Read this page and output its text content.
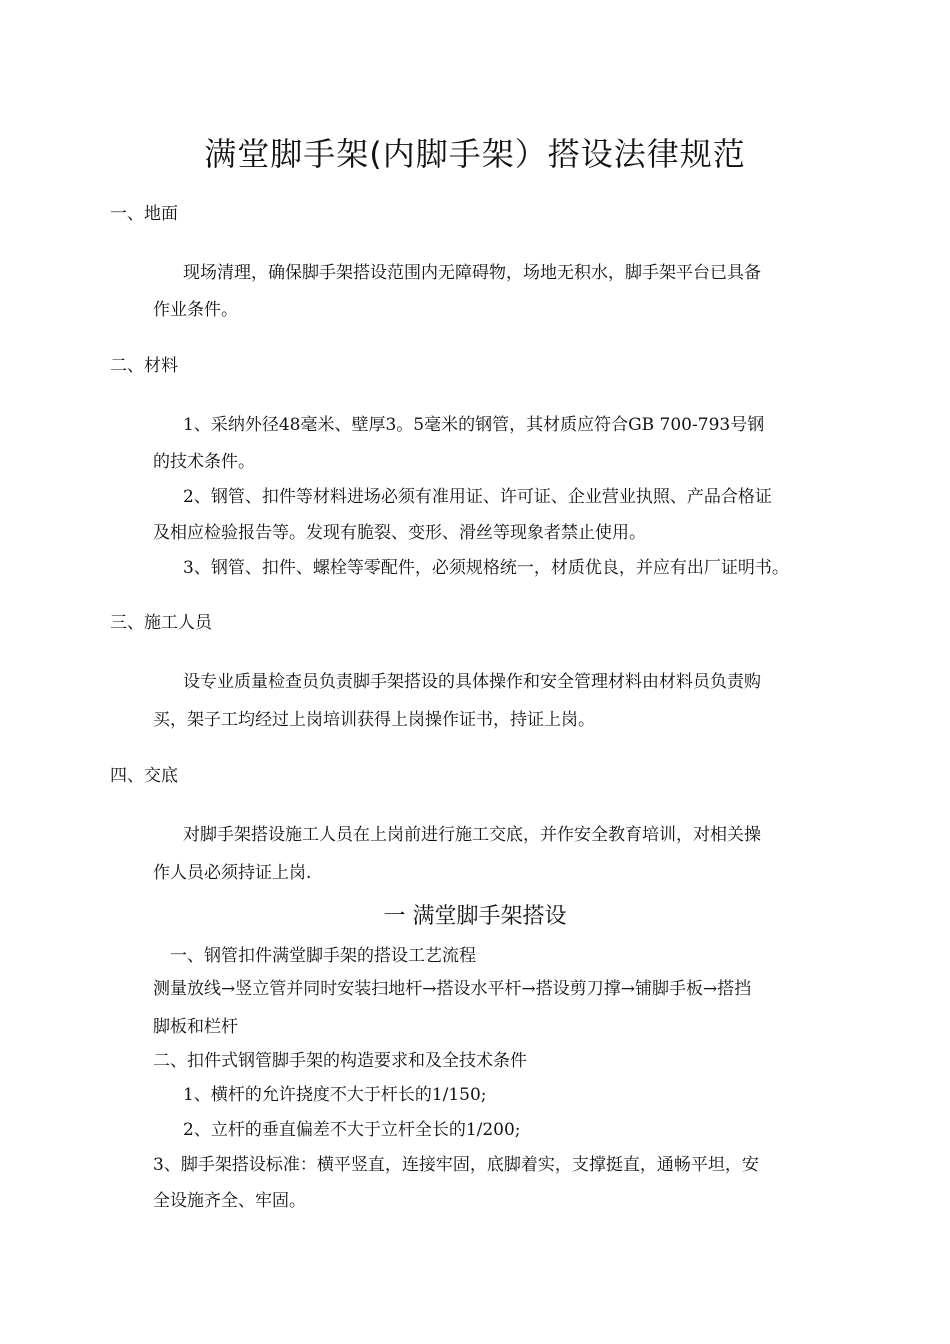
满堂脚手架(内脚手架）搭设法律规范
一、地面
现场清理，确保脚手架搭设范围内无障碍物，场地无积水，脚手架平台已具备
作业条件。
二、材料
1、采纳外径48毫米、壁厚3。5毫米的钢管，其材质应符合GB 700-793号钢
的技术条件。
2、钢管、扣件等材料进场必须有准用证、许可证、企业营业执照、产品合格证
及相应检验报告等。发现有脆裂、变形、滑丝等现象者禁止使用。
3、钢管、扣件、螺栓等零配件，必须规格统一，材质优良，并应有出厂证明书。
三、施工人员
设专业质量检查员负责脚手架搭设的具体操作和安全管理材料由材料员负责购
买，架子工均经过上岗培训获得上岗操作证书，持证上岗。
四、交底
对脚手架搭设施工人员在上岗前进行施工交底，并作安全教育培训，对相关操
作人员必须持证上岗.
一 满堂脚手架搭设
一、钢管扣件满堂脚手架的搭设工艺流程
测量放线→竖立管并同时安装扫地杆→搭设水平杆→搭设剪刀撑→铺脚手板→搭挡
脚板和栏杆
二、扣件式钢管脚手架的构造要求和及全技术条件
1、横杆的允许挠度不大于杆长的1/150;
2、立杆的垂直偏差不大于立杆全长的1/200;
3、脚手架搭设标准：横平竖直，连接牢固，底脚着实，支撑挺直，通畅平坦，安
全设施齐全、牢固。
